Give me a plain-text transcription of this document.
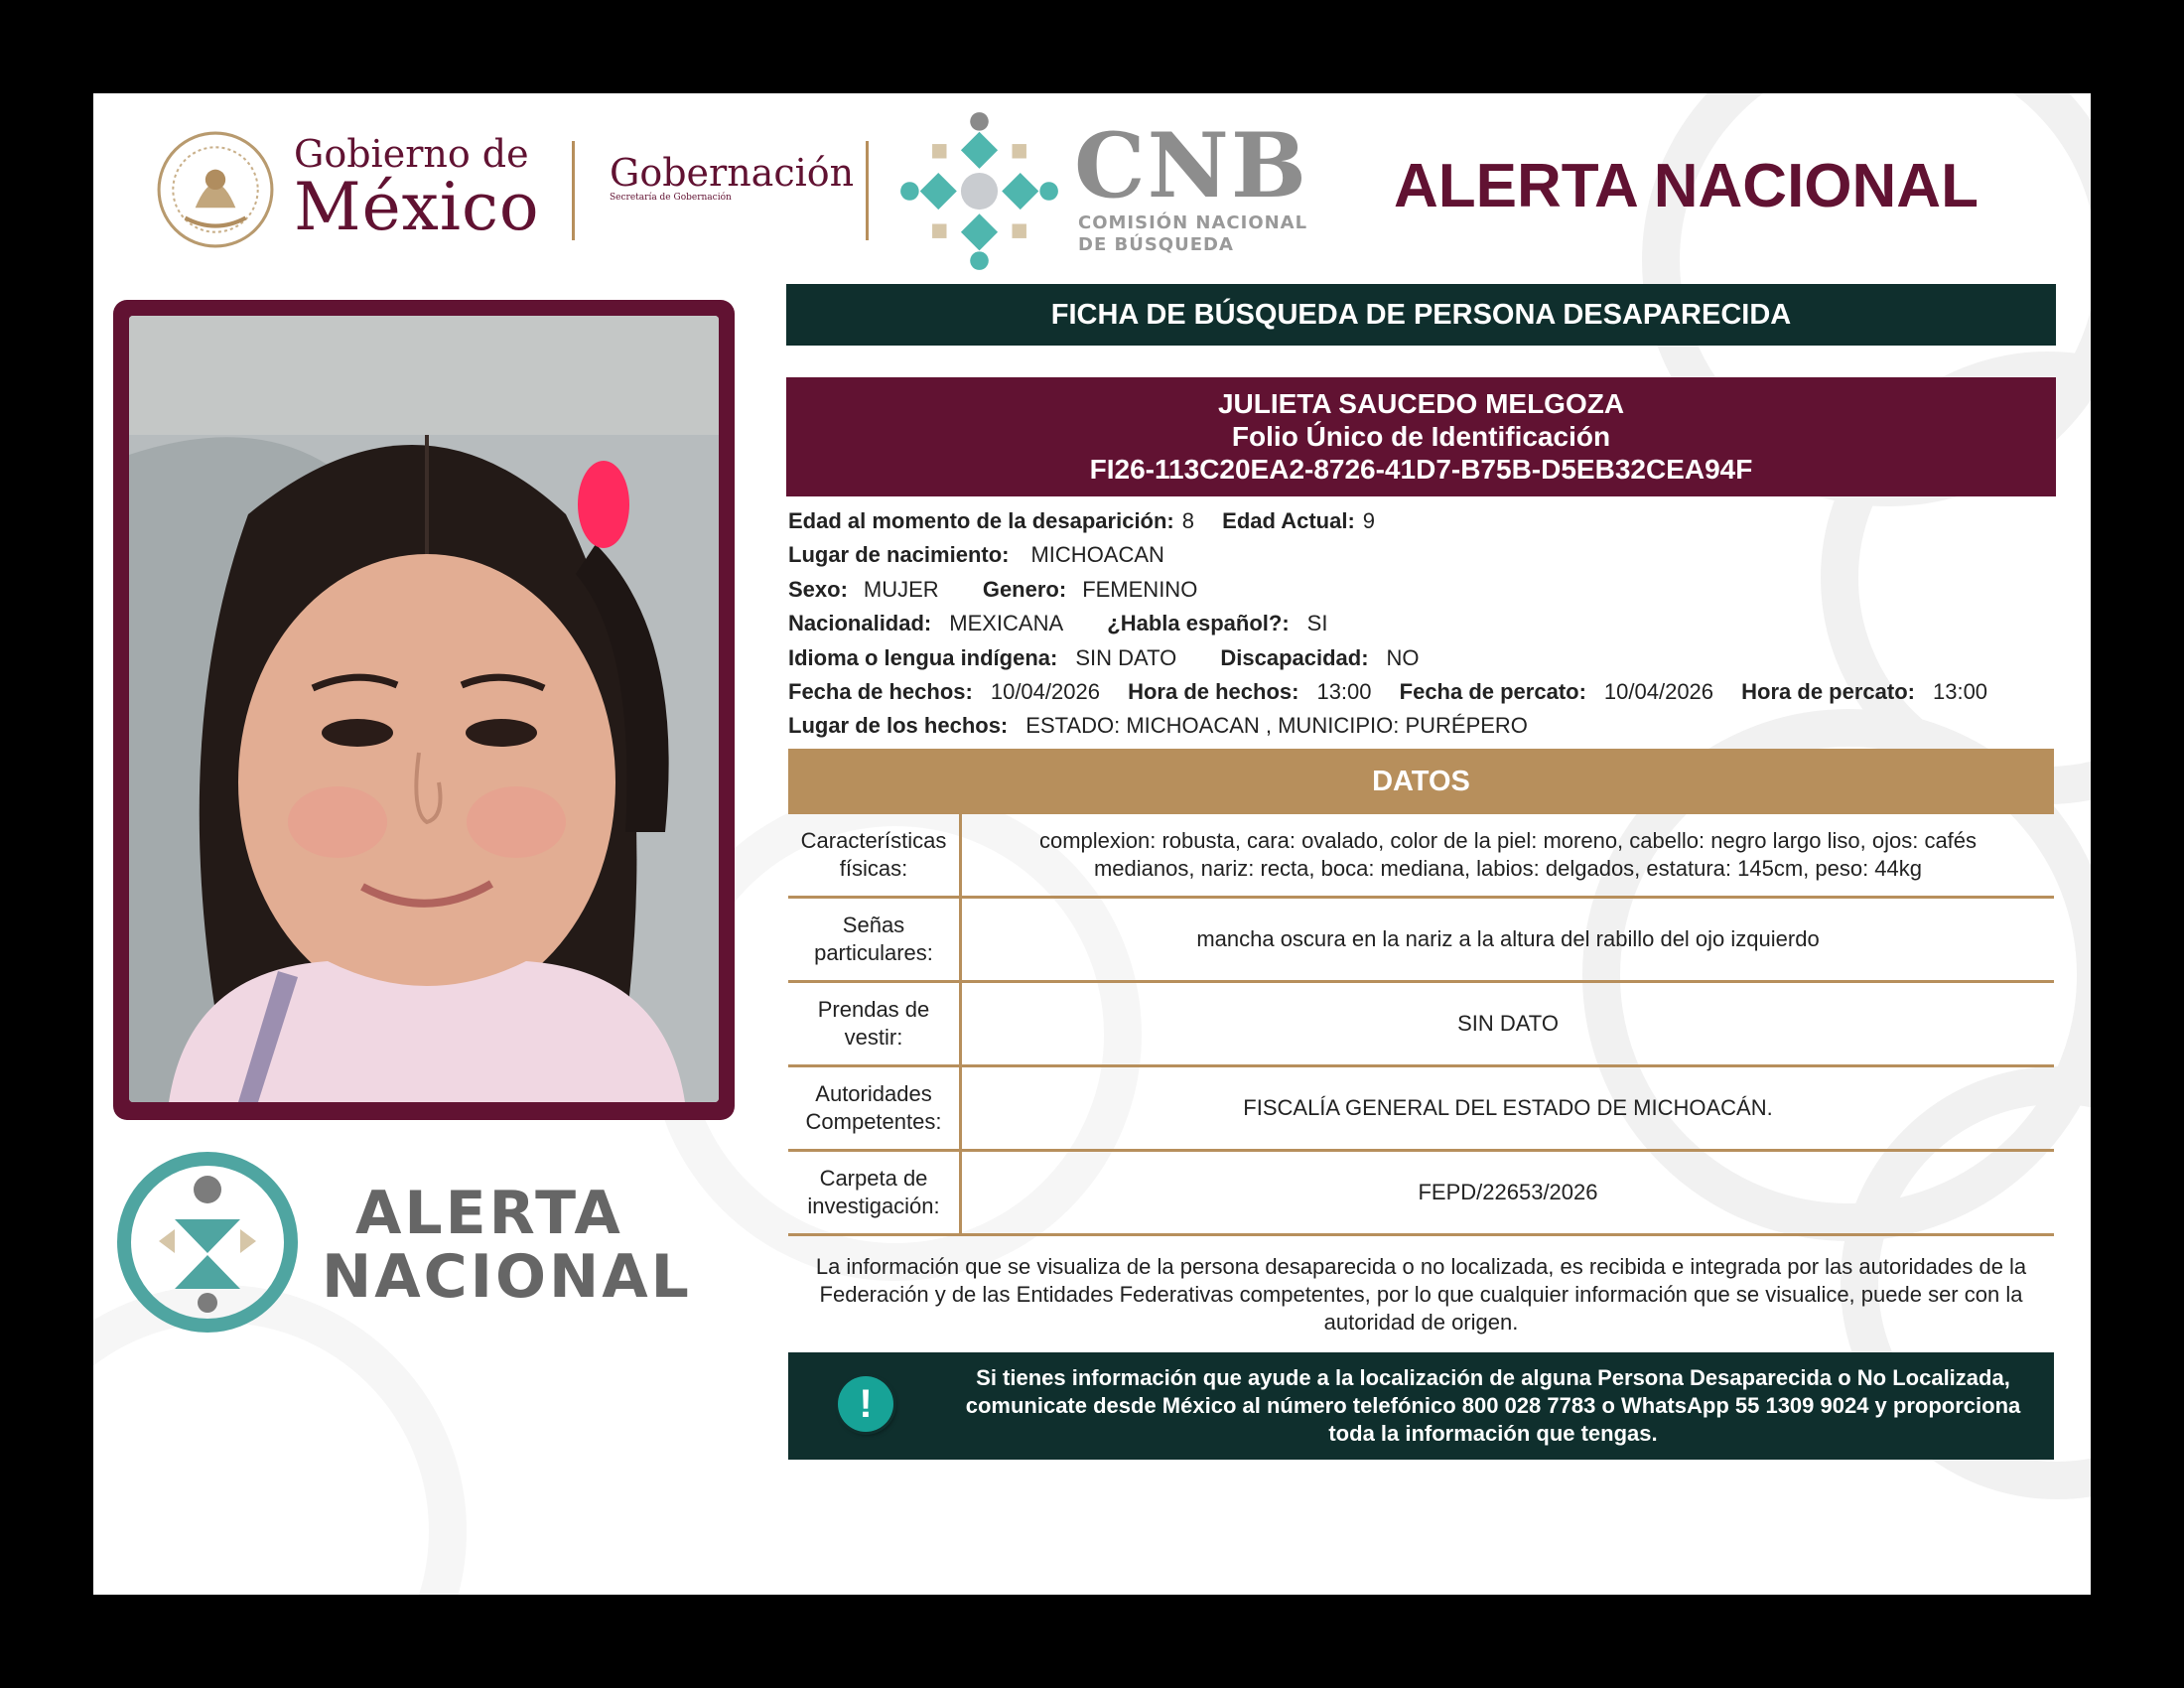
Gobierno de
México Gobernación
Secretaría de Gobernación	CNB
COMISIÓN NACIONAL
DE BÚSQUEDA
ALERTA NACIONAL
ALERTA
NACIONAL
FICHA DE BÚSQUEDA DE PERSONA DESAPARECIDA
JULIETA SAUCEDO MELGOZA
Folio Único de Identificación
FI26-113C20EA2-8726-41D7-B75B-D5EB32CEA94F
Edad al momento de la desaparición: 8 Edad Actual: 9
Lugar de nacimiento: MICHOACAN
Sexo: MUJER Genero: FEMENINO
Nacionalidad: MEXICANA ¿Habla español?: SI
Idioma o lengua indígena: SIN DATO Discapacidad: NO
Fecha de hechos: 10/04/2026 Hora de hechos: 13:00 Fecha de percato: 10/04/2026 Hora de percato: 13:00
Lugar de los hechos: ESTADO: MICHOACAN , MUNICIPIO: PURÉPERO
DATOS
Características físicas:	complexion: robusta, cara: ovalado, color de la piel: moreno, cabello: negro largo liso, ojos: cafés medianos, nariz: recta, boca: mediana, labios: delgados, estatura: 145cm, peso: 44kg
Señas particulares:	mancha oscura en la nariz a la altura del rabillo del ojo izquierdo
Prendas de vestir:	SIN DATO
Autoridades Competentes:	FISCALÍA GENERAL DEL ESTADO DE MICHOACÁN.
Carpeta de investigación:	FEPD/22653/2026
La información que se visualiza de la persona desaparecida o no localizada, es recibida e integrada por las autoridades de la Federación y de las Entidades Federativas competentes, por lo que cualquier información que se visualice, puede ser con la autoridad de origen.
!
Si tienes información que ayude a la localización de alguna Persona Desaparecida o No Localizada, comunicate desde México al número telefónico 800 028 7783 o WhatsApp 55 1309 9024 y proporciona toda la información que tengas.
